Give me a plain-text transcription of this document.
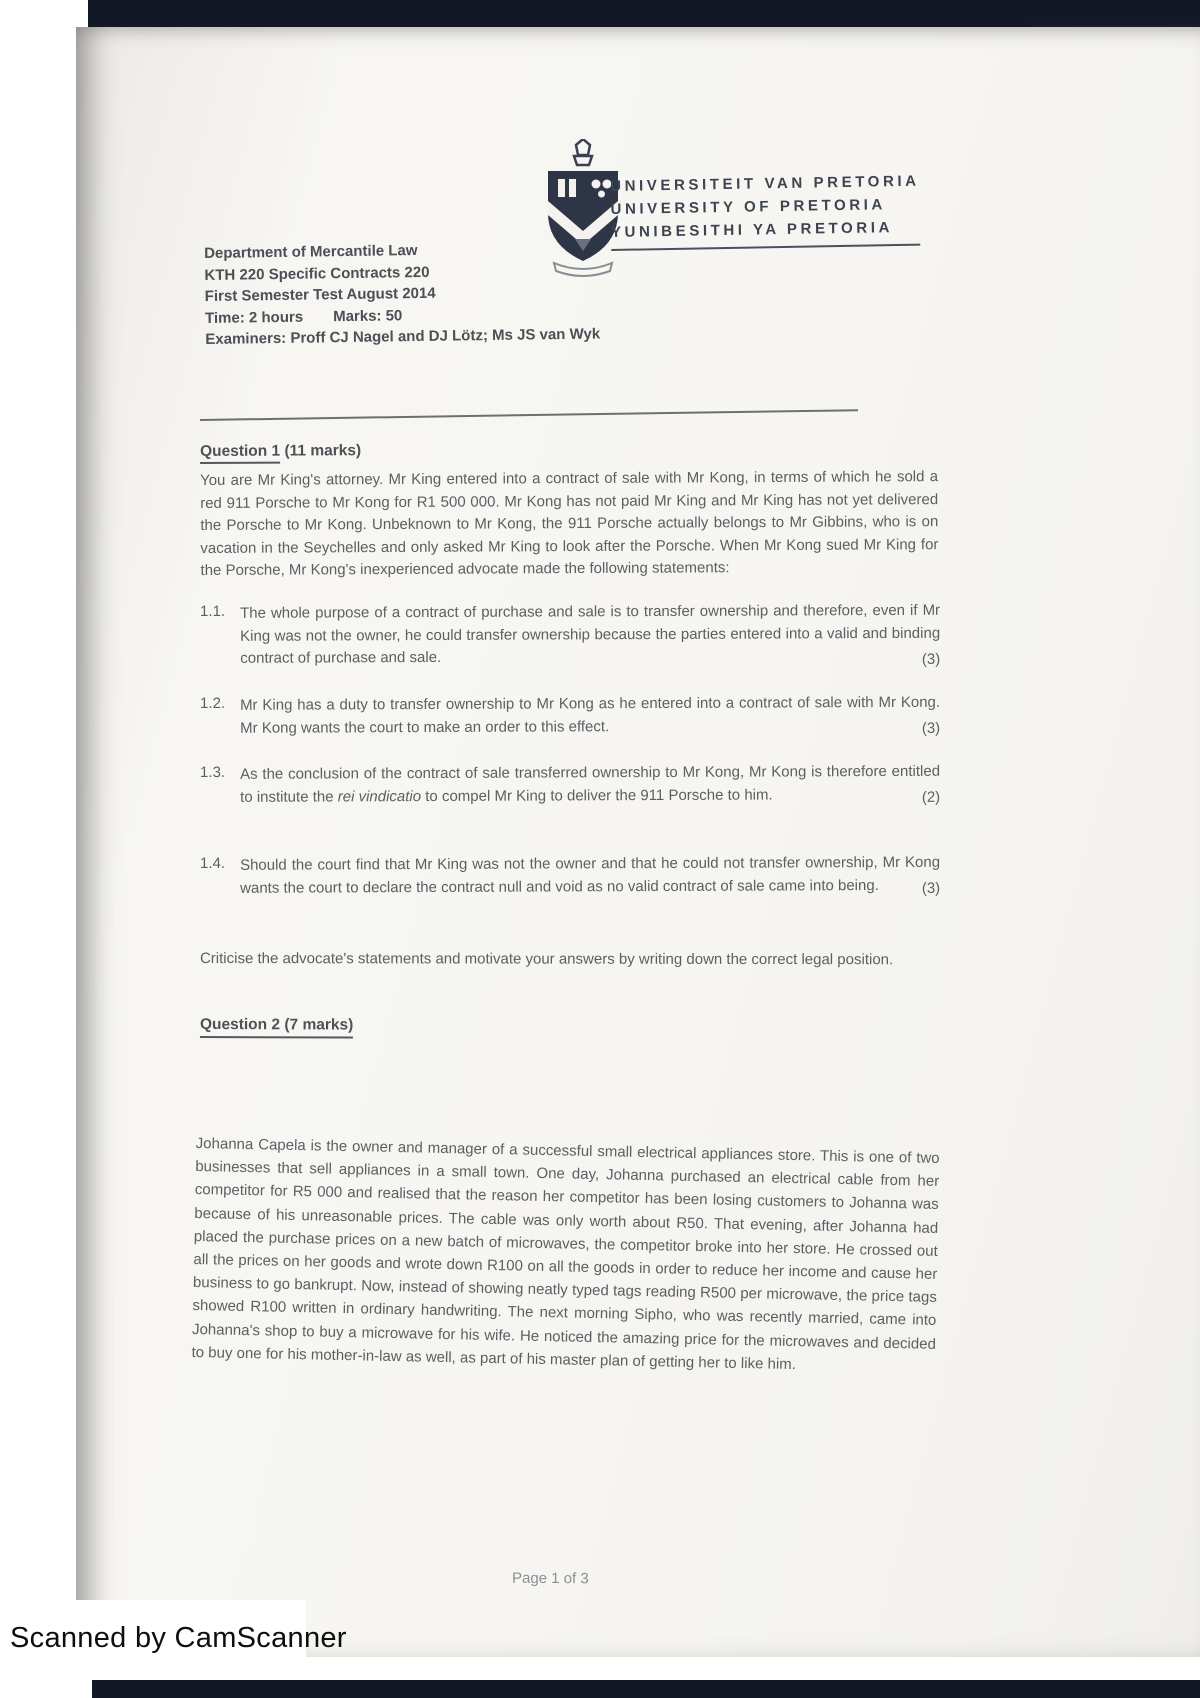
UNIVERSITEIT VAN PRETORIA
UNIVERSITY OF PRETORIA
YUNIBESITHI YA PRETORIA
Department of Mercantile Law
KTH 220 Specific Contracts 220
First Semester Test August 2014
Time: 2 hours Marks: 50
Examiners: Proff CJ Nagel and DJ Lötz; Ms JS van Wyk
Question 1 (11 marks)
You are Mr King's attorney. Mr King entered into a contract of sale with Mr Kong, in terms of which he sold a red 911 Porsche to Mr Kong for R1 500 000. Mr Kong has not paid Mr King and Mr King has not yet delivered the Porsche to Mr Kong. Unbeknown to Mr Kong, the 911 Porsche actually belongs to Mr Gibbins, who is on vacation in the Seychelles and only asked Mr King to look after the Porsche. When Mr Kong sued Mr King for the Porsche, Mr Kong's inexperienced advocate made the following statements:
1.1. The whole purpose of a contract of purchase and sale is to transfer ownership and therefore, even if Mr King was not the owner, he could transfer ownership because the parties entered into a valid and binding contract of purchase and sale.	(3)
1.2. Mr King has a duty to transfer ownership to Mr Kong as he entered into a contract of sale with Mr Kong. Mr Kong wants the court to make an order to this effect.	(3)
1.3. As the conclusion of the contract of sale transferred ownership to Mr Kong, Mr Kong is therefore entitled to institute the rei vindicatio to compel Mr King to deliver the 911 Porsche to him.	(2)
1.4. Should the court find that Mr King was not the owner and that he could not transfer ownership, Mr Kong wants the court to declare the contract null and void as no valid contract of sale came into being.	(3)
Criticise the advocate's statements and motivate your answers by writing down the correct legal position.
Question 2 (7 marks)
Johanna Capela is the owner and manager of a successful small electrical appliances store. This is one of two businesses that sell appliances in a small town. One day, Johanna purchased an electrical cable from her competitor for R5 000 and realised that the reason her competitor has been losing customers to Johanna was because of his unreasonable prices. The cable was only worth about R50. That evening, after Johanna had placed the purchase prices on a new batch of microwaves, the competitor broke into her store. He crossed out all the prices on her goods and wrote down R100 on all the goods in order to reduce her income and cause her business to go bankrupt. Now, instead of showing neatly typed tags reading R500 per microwave, the price tags showed R100 written in ordinary handwriting. The next morning Sipho, who was recently married, came into Johanna's shop to buy a microwave for his wife. He noticed the amazing price for the microwaves and decided to buy one for his mother-in-law as well, as part of his master plan of getting her to like him.
Page 1 of 3
Scanned by CamScanner
